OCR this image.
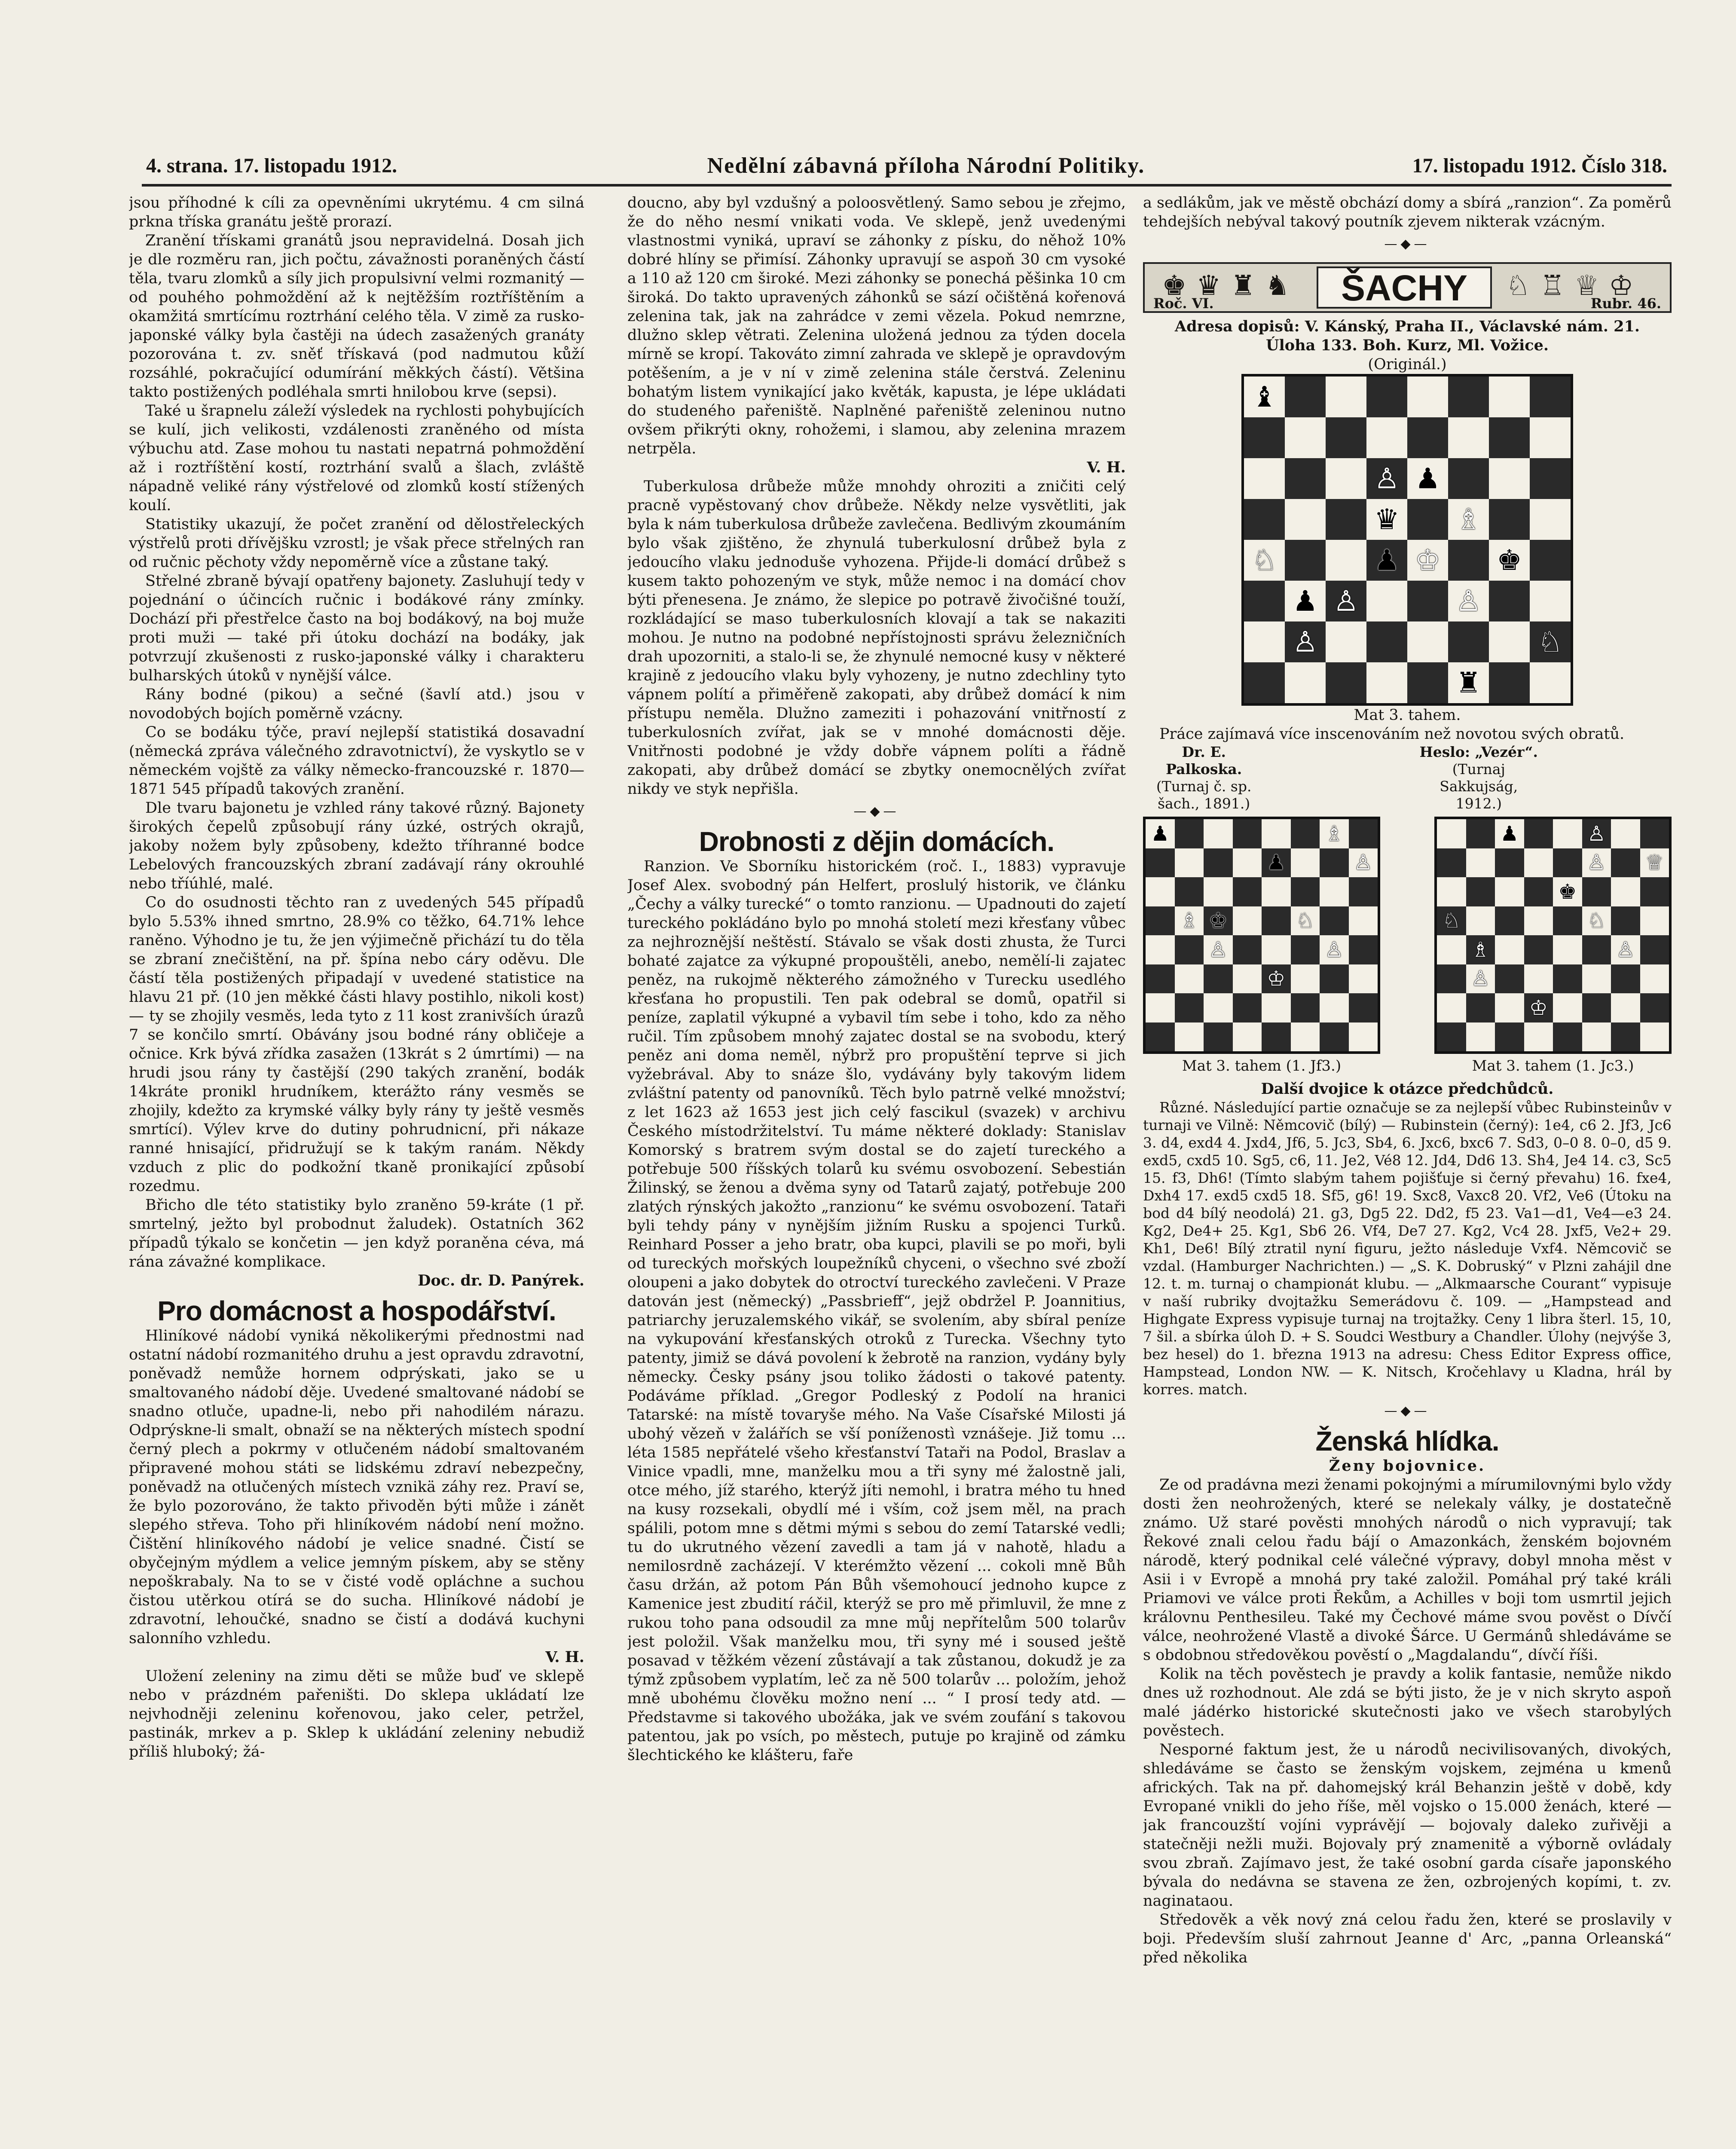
4. strana. 17. listopadu 1912.	Nedělní zábavná příloha Národní Politiky.	17. listopadu 1912. Číslo 318.

jsou příhodné k cíli za opevněními ukrytému. 4 cm silná prkna tříska granátu ještě prorazí.

Zranění třískami granátů jsou nepravidelná. Dosah jich je dle rozměru ran, jich počtu, závažnosti poraněných částí těla, tvaru zlomků a síly jich propulsivní velmi rozmanitý — od pouhého pohmoždění až k nejtěžším roztříštěním a okamžitá smrtícímu roztrhání celého těla. V zimě za rusko-japonské války byla častěji na údech zasažených granáty pozorována t. zv. sněť třískavá (pod nadmutou kůží rozsáhlé, pokračující odumírání měkkých částí). Většina takto postižených podléhala smrti hnilobou krve (sepsi).

Také u šrapnelu záleží výsledek na rychlosti pohybujících se kulí, jich velikosti, vzdálenosti zraněného od místa výbuchu atd. Zase mohou tu nastati nepatrná pohmoždění až i roztříštění kostí, roztrhání svalů a šlach, zvláště nápadně veliké rány výstřelové od zlomků kostí stížených koulí.

Statistiky ukazují, že počet zranění od dělostřeleckých výstřelů proti dřívějšku vzrostl; je však přece střelných ran od ručnic pěchoty vždy nepoměrně více a zůstane taký.

Střelné zbraně bývají opatřeny bajonety. Zasluhují tedy v pojednání o účincích ručnic i bodákové rány zmínky. Dochází při přestřelce často na boj bodákový, na boj muže proti muži — také při útoku dochází na bodáky, jak potvrzují zkušenosti z rusko-japonské války i charakteru bulharských útoků v nynější válce.

Rány bodné (pikou) a sečné (šavlí atd.) jsou v novodobých bojích poměrně vzácny.

Co se bodáku týče, praví nejlepší statistiká dosavadní (německá zpráva válečného zdravotnictví), že vyskytlo se v německém vojště za války německo-francouzské r. 1870—1871 545 případů takových zranění.

Dle tvaru bajonetu je vzhled rány takové různý. Bajonety širokých čepelů způsobují rány úzké, ostrých okrajů, jakoby nožem byly způsobeny, kdežto tříhranné bodce Lebelových francouzských zbraní zadávají rány okrouhlé nebo tříúhlé, malé.

Co do osudnosti těchto ran z uvedených 545 případů bylo 5.53% ihned smrtno, 28.9% co těžko, 64.71% lehce raněno. Výhodno je tu, že jen výjimečně přichází tu do těla se zbraní znečištění, na př. špína nebo cáry oděvu. Dle částí těla postižených připadají v uvedené statistice na hlavu 21 př. (10 jen měkké části hlavy postihlo, nikoli kost) — ty se zhojily vesměs, leda tyto z 11 kost zranivších úrazů 7 se končilo smrtí. Obávány jsou bodné rány obličeje a očnice. Krk bývá zřídka zasažen (13krát s 2 úmrtími) — na hrudi jsou rány ty častější (290 takých zranění, bodák 14kráte pronikl hrudníkem, kterážto rány vesměs se zhojily, kdežto za krymské války byly rány ty ještě vesměs smrtící). Výlev krve do dutiny pohrudnicní, při nákaze ranné hnisající, přidružují se k takým ranám. Někdy vzduch z plic do podkožní tkaně pronikající způsobí rozedmu.

Břicho dle této statistiky bylo zraněno 59-kráte (1 př. smrtelný, ježto byl probodnut žaludek). Ostatních 362 případů týkalo se končetin — jen když poraněna céva, má rána závažné komplikace.

Doc. dr. D. Panýrek.
Pro domácnost a hospodářství.

Hliníkové nádobí vyniká několikerými přednostmi nad ostatní nádobí rozmanitého druhu a jest opravdu zdravotní, poněvadž nemůže hornem odprýskati, jako se u smaltovaného nádobí děje. Uvedené smaltované nádobí se snadno otluče, upadne-li, nebo při nahodilém nárazu. Odprýskne-li smalt, obnaží se na některých místech spodní černý plech a pokrmy v otlučeném nádobí smaltovaném připravené mohou státi se lidskému zdraví nebezpečny, poněvadž na otlučených místech vznikä záhy rez. Praví se, že bylo pozorováno, že takto přivoděn býti může i zánět slepého střeva. Toho při hliníkovém nádobí není možno. Čištění hliníkového nádobí je velice snadné. Čistí se obyčejným mýdlem a velice jemným pískem, aby se stěny nepoškrabaly. Na to se v čisté vodě opláchne a suchou čistou utěrkou otírá se do sucha. Hliníkové nádobí je zdravotní, lehoučké, snadno se čistí a dodává kuchyni salonního vzhledu.

V. H.

Uložení zeleniny na zimu děti se může buď ve sklepě nebo v prázdném pařeništi. Do sklepa ukládatí lze nejvhodněji zeleninu kořenovou, jako celer, petržel, pastinák, mrkev a p. Sklep k ukládání zeleniny nebudiž příliš hluboký; žá-

doucno, aby byl vzdušný a poloosvětlený. Samo sebou je zřejmo, že do něho nesmí vnikati voda. Ve sklepě, jenž uvedenými vlastnostmi vyniká, upraví se záhonky z písku, do něhož 10% dobré hlíny se přimísí. Záhonky upravují se aspoň 30 cm vysoké a 110 až 120 cm široké. Mezi záhonky se ponechá pěšinka 10 cm široká. Do takto upravených záhonků se sází očištěná kořenová zelenina tak, jak na zahrádce v zemi vězela. Pokud nemrzne, dlužno sklep větrati. Zelenina uložená jednou za týden docela mírně se kropí. Takováto zimní zahrada ve sklepě je opravdovým potěšením, a je v ní v zimě zelenina stále čerstvá. Zeleninu bohatým listem vynikající jako květák, kapusta, je lépe ukládati do studeného pařeniště. Naplněné pařeniště zeleninou nutno ovšem přikrýti okny, rohožemi, i slamou, aby zelenina mrazem netrpěla.

V. H.

Tuberkulosa drůbeže může mnohdy ohroziti a zničiti celý pracně vypěstovaný chov drůbeže. Někdy nelze vysvětliti, jak byla k nám tuberkulosa drůbeže zavlečena. Bedlivým zkoumáním bylo však zjištěno, že zhynulá tuberkulosní drůbež byla z jedoucího vlaku jednoduše vyhozena. Přijde-li domácí drůbež s kusem takto pohozeným ve styk, může nemoc i na domácí chov býti přenesena. Je známo, že slepice po potravě živočišné touží, rozkládající se maso tuberkulosních klovají a tak se nakaziti mohou. Je nutno na podobné nepřístojnosti správu železničních drah upozorniti, a stalo-li se, že zhynulé nemocné kusy v některé krajině z jedoucího vlaku byly vyhozeny, je nutno zdechliny tyto vápnem polítí a přiměřeně zakopati, aby drůbež domácí k nim přístupu neměla. Dlužno zameziti i pohazování vnitřností z tuberkulosních zvířat, jak se v mnohé domácnosti děje. Vnitřnosti podobné je vždy dobře vápnem políti a řádně zakopati, aby drůbež domácí se zbytky onemocnělých zvířat nikdy ve styk nepřišla.

—◆—
Drobnosti z dějin domácích.

Ranzion. Ve Sborníku historickém (roč. I., 1883) vypravuje Josef Alex. svobodný pán Helfert, proslulý historik, ve článku „Čechy a války turecké“ o tomto ranzionu. — Upadnouti do zajetí tureckého pokládáno bylo po mnohá století mezi křesťany vůbec za nejhroznější neštěstí. Stávalo se však dosti zhusta, že Turci bohaté zajatce za výkupné propouštěli, anebo, nemělí-li zajatec peněz, na rukojmě některého zámožného v Turecku usedlého křesťana ho propustili. Ten pak odebral se domů, opatřil si peníze, zaplatil výkupné a vybavil tím sebe i toho, kdo za něho ručil. Tím způsobem mnohý zajatec dostal se na svobodu, který peněz ani doma neměl, nýbrž pro propuštění teprve si jich vyžebrával. Aby to snáze šlo, vydávány byly takovým lidem zvláštní patenty od panovníků. Těch bylo patrně velké množství; z let 1623 až 1653 jest jich celý fascikul (svazek) v archivu Českého místodržitelství. Tu máme některé doklady: Stanislav Komorský s bratrem svým dostal se do zajetí tureckého a potřebuje 500 říšských tolarů ku svému osvobození. Sebestián Žilinský, se ženou a dvěma syny od Tatarů zajatý, potřebuje 200 zlatých rýnských jakožto „ranzionu“ ke svému osvobození. Tataři byli tehdy pány v nynějším jižním Rusku a spojenci Turků. Reinhard Posser a jeho bratr, oba kupci, plavili se po moři, byli od tureckých mořských loupežníků chyceni, o všechno své zboží oloupeni a jako dobytek do otroctví tureckého zavlečeni. V Praze datován jest (německý) „Passbrieff“, jejž obdržel P. Joannitius, patriarchy jeruzalemského vikář, se svolením, aby sbíral peníze na vykupování křesťanských otroků z Turecka. Všechny tyto patenty, jimiž se dává povolení k žebrotě na ranzion, vydány byly německy. Česky psány jsou toliko žádosti o takové patenty. Podáváme příklad. „Gregor Podleský z Podolí na hranici Tatarské: na místě tovaryše mého. Na Vaše Císařské Milosti já ubohý vězeň v žalářích se vší poníženostì vznášeje. Již tomu ... léta 1585 nepřátelé všeho křesťanství Tataři na Podol, Braslav a Vinice vpadli, mne, manželku mou a tři syny mé žalostně jali, otce mého, jíž starého, kterýž jíti nemohl, i bratra mého tu hned na kusy rozsekali, obydlí mé i vším, což jsem měl, na prach spálili, potom mne s dětmi mými s sebou do zemí Tatarské vedli; tu do ukrutného vězení zavedli a tam já v nahotě, hladu a nemilosrdně zacházejí. V kterémžto vězení ... cokoli mně Bůh času držán, až potom Pán Bůh všemohoucí jednoho kupce z Kamenice jest zbudití ráčil, kterýž se pro mě přimluvil, že mne z rukou toho pana odsoudil za mne můj nepřítelům 500 tolarův jest položil. Však manželku mou, tři syny mé i soused ještě posavad v těžkém vězení zůstávají a tak zůstanou, dokudž je za týmž způsobem vyplatím, leč za ně 500 tolarův ... položím, jehož mně ubohému člověku možno není ... “ I prosí tedy atd. — Představme si takového ubožáka, jak ve svém zoufání s takovou patentou, jak po vsích, po městech, putuje po krajině od zámku šlechtického ke klášteru, faře

a sedlákům, jak ve městě obchází domy a sbírá „ranzion“. Za poměrů tehdejších nebýval takový poutník zjevem nikterak vzácným.

—◆—
♚ ♛ ♜ ♞	ŠACHY	♘ ♖ ♕ ♔
Roč. VI.	Rubr. 46.
Adresa dopisů: V. Kánský, Praha II., Václavské nám. 21.
Úloha 133. Boh. Kurz, Ml. Vožice.
(Originál.)
♝
♙ ♟
♛ ♗
♘	♟ ♔ ♚
♟ ♙	♙
♙	♘
♜
Mat 3. tahem.

Práce zajímavá více inscenováním než novotou svých obratů.

Dr. E. Palkoska.
(Turnaj č. sp. šach., 1891.)
Heslo: „Vezér“.
(Turnaj Sakkujság, 1912.)
♟	♗
♟	♙
♗ ♚	♘
♙	♙
♔
Mat 3. tahem (1. Jf3.)
♟	♙
♙ ♕
♚
♘	♘
♗	♙
♙
♔
Mat 3. tahem (1. Jc3.)
Další dvojice k otázce předchůdců.

Různé. Následující partie označuje se za nejlepší vůbec Rubinsteinův v turnaji ve Vilně: Němcovič (bílý) — Rubinstein (černý): 1e4, c6 2. Jf3, Jc6 3. d4, exd4 4. Jxd4, Jf6, 5. Jc3, Sb4, 6. Jxc6, bxc6 7. Sd3, 0–0 8. 0–0, d5 9. exd5, cxd5 10. Sg5, c6, 11. Je2, Vé8 12. Jd4, Dd6 13. Sh4, Je4 14. c3, Sc5 15. f3, Dh6! (Tímto slabým tahem pojišťuje si černý převahu) 16. fxe4, Dxh4 17. exd5 cxd5 18. Sf5, g6! 19. Sxc8, Vaxc8 20. Vf2, Ve6 (Útoku na bod d4 bílý neodolá) 21. g3, Dg5 22. Dd2, f5 23. Va1—d1, Ve4—e3 24. Kg2, De4+ 25. Kg1, Sb6 26. Vf4, De7 27. Kg2, Vc4 28. Jxf5, Ve2+ 29. Kh1, De6! Bílý ztratil nyní figuru, ježto následuje Vxf4. Němcovič se vzdal. (Hamburger Nachrichten.) — „S. K. Dobruský“ v Plzni zahájil dne 12. t. m. turnaj o championát klubu. — „Alkmaarsche Courant“ vypisuje v naší rubriky dvojtažku Semerádovu č. 109. — „Hampstead and Highgate Express vypisuje turnaj na trojtažky. Ceny 1 libra šterl. 15, 10, 7 šil. a sbírka úloh D. + S. Soudci Westbury a Chandler. Úlohy (nejvýše 3, bez hesel) do 1. března 1913 na adresu: Chess Editor Express office, Hampstead, London NW. — K. Nitsch, Kročehlavy u Kladna, hrál by korres. match.

—◆—
Ženská hlídka.
Ženy bojovnice.

Ze od pradávna mezi ženami pokojnými a mírumilovnými bylo vždy dosti žen neohrožených, které se nelekaly války, je dostatečně známo. Už staré pověsti mnohých národů o nich vypravují; tak Řekové znali celou řadu bájí o Amazonkách, ženském bojovném národě, který podnikal celé válečné výpravy, dobyl mnoha měst v Asii i v Evropě a mnohá pry také založil. Pomáhal prý také králi Priamovi ve válce proti Řekům, a Achilles v boji tom usmrtil jejich královnu Penthesileu. Také my Čechové máme svou pověst o Dívčí válce, neohrožené Vlastě a divoké Šárce. U Germánů shledáváme se s obdobnou středověkou pověstí o „Magdalandu“, dívčí říši.

Kolik na těch pověstech je pravdy a kolik fantasie, nemůže nikdo dnes už rozhodnout. Ale zdá se býti jisto, že je v nich skryto aspoň malé jádérko historické skutečnosti jako ve všech starobylých pověstech.

Nesporné faktum jest, že u národů necivilisovaných, divokých, shledáváme se často se ženským vojskem, zejména u kmenů afrických. Tak na př. dahomejský král Behanzin ještě v době, kdy Evropané vnikli do jeho říše, měl vojsko o 15.000 ženách, které — jak francouzští vojíni vyprávějí — bojovaly daleko zuřivěji a statečněji nežli muži. Bojovaly prý znamenitě a výborně ovládaly svou zbraň. Zajímavo jest, že také osobní garda císaře japonského bývala do nedávna se stavena ze žen, ozbrojených kopími, t. zv. naginataou.

Středověk a věk nový zná celou řadu žen, které se proslavily v boji. Především sluší zahrnout Jeanne d' Arc, „panna Orleanská“ před několika
